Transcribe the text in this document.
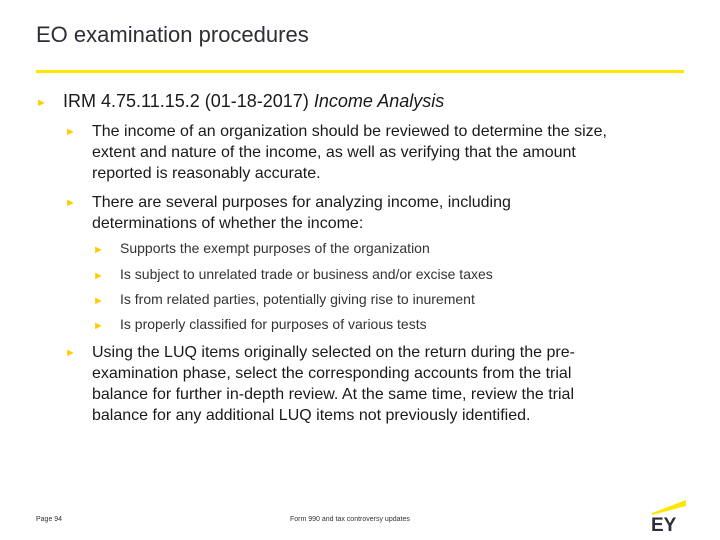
EO examination procedures
► IRM 4.75.11.15.2 (01-18-2017) Income Analysis
► The income of an organization should be reviewed to determine the size,
extent and nature of the income, as well as verifying that the amount
reported is reasonably accurate.
► There are several purposes for analyzing income, including
determinations of whether the income:
► Supports the exempt purposes of the organization
► Is subject to unrelated trade or business and/or excise taxes
► Is from related parties, potentially giving rise to inurement
► Is properly classified for purposes of various tests
► Using the LUQ items originally selected on the return during the pre-
examination phase, select the corresponding accounts from the trial
balance for further in-depth review. At the same time, review the trial
balance for any additional LUQ items not previously identified.
Page 94	Form 990 and tax controversy updates	EY
